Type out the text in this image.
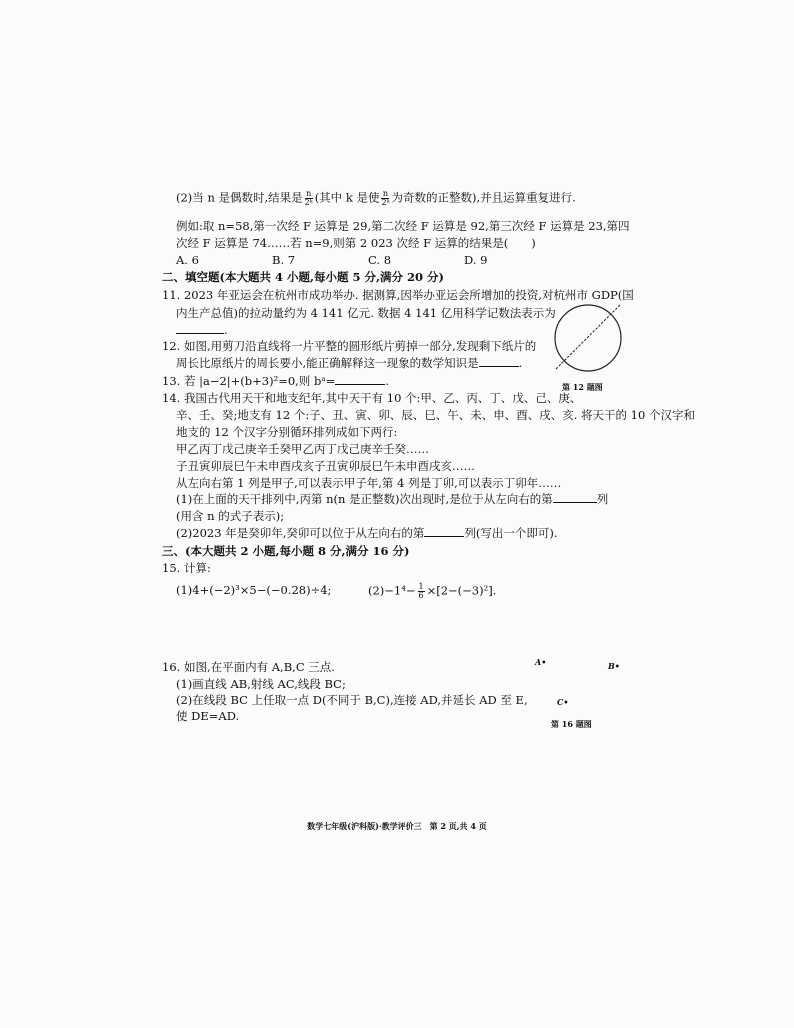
(2)当 n 是偶数时,结果是 $\frac{n}{\text{2ᵏ}}$ (其中 k 是使 $\frac{n}{\text{2ᵏ}}$ 为奇数的正整数),并且运算重复进行.
例如:取 n=58,第一次经 F 运算是 29,第二次经 F 运算是 92,第三次经 F 运算是 23,第四
次经 F 运算是 74……若 n=9,则第 2 023 次经 F 运算的结果是(　　)
A. 6	B. 7	C. 8	D. 9
二、填空题(本大题共 4 小题,每小题 5 分,满分 20 分)
11. 2023 年亚运会在杭州市成功举办. 据测算,因举办亚运会所增加的投资,对杭州市 GDP(国
内生产总值)的拉动量约为 4 141 亿元. 数据 4 141 亿用科学记数法表示为
.
第 12 题图
12. 如图,用剪刀沿直线将一片平整的圆形纸片剪掉一部分,发现剩下纸片的
周长比原纸片的周长要小,能正确解释这一现象的数学知识是	.
13. 若 |a−2|+(b+3)²=0,则 bᵃ=	.
14. 我国古代用天干和地支纪年,其中天干有 10 个:甲、乙、丙、丁、戊、己、庚、
辛、壬、癸;地支有 12 个:子、丑、寅、卯、辰、巳、午、未、申、酉、戌、亥. 将天干的 10 个汉字和
地支的 12 个汉字分别循环排列成如下两行:
甲乙丙丁戊己庚辛壬癸甲乙丙丁戊己庚辛壬癸……
子丑寅卯辰巳午未申酉戌亥子丑寅卯辰巳午未申酉戌亥……
从左向右第 1 列是甲子,可以表示甲子年,第 4 列是丁卯,可以表示丁卯年……
(1)在上面的天干排列中,丙第 n(n 是正整数)次出现时,是位于从左向右的第	列
(用含 n 的式子表示);
(2)2023 年是癸卯年,癸卯可以位于从左向右的第	列(写出一个即可).
三、(本大题共 2 小题,每小题 8 分,满分 16 分)
15. 计算:
(1)4+(−2)³×5−(−0.28)÷4;	$(2)-1^4- \frac{1}{6} \times[2-(-3)^2]$.
16. 如图,在平面内有 A,B,C 三点.
(1)画直线 AB,射线 AC,线段 BC;
(2)在线段 BC 上任取一点 D(不同于 B,C),连接 AD,并延长 AD 至 E,
使 DE=AD.
A•	B•
C•
第 16 题图
数学七年级(沪科版)·教学评价三　第 2 页,共 4 页
